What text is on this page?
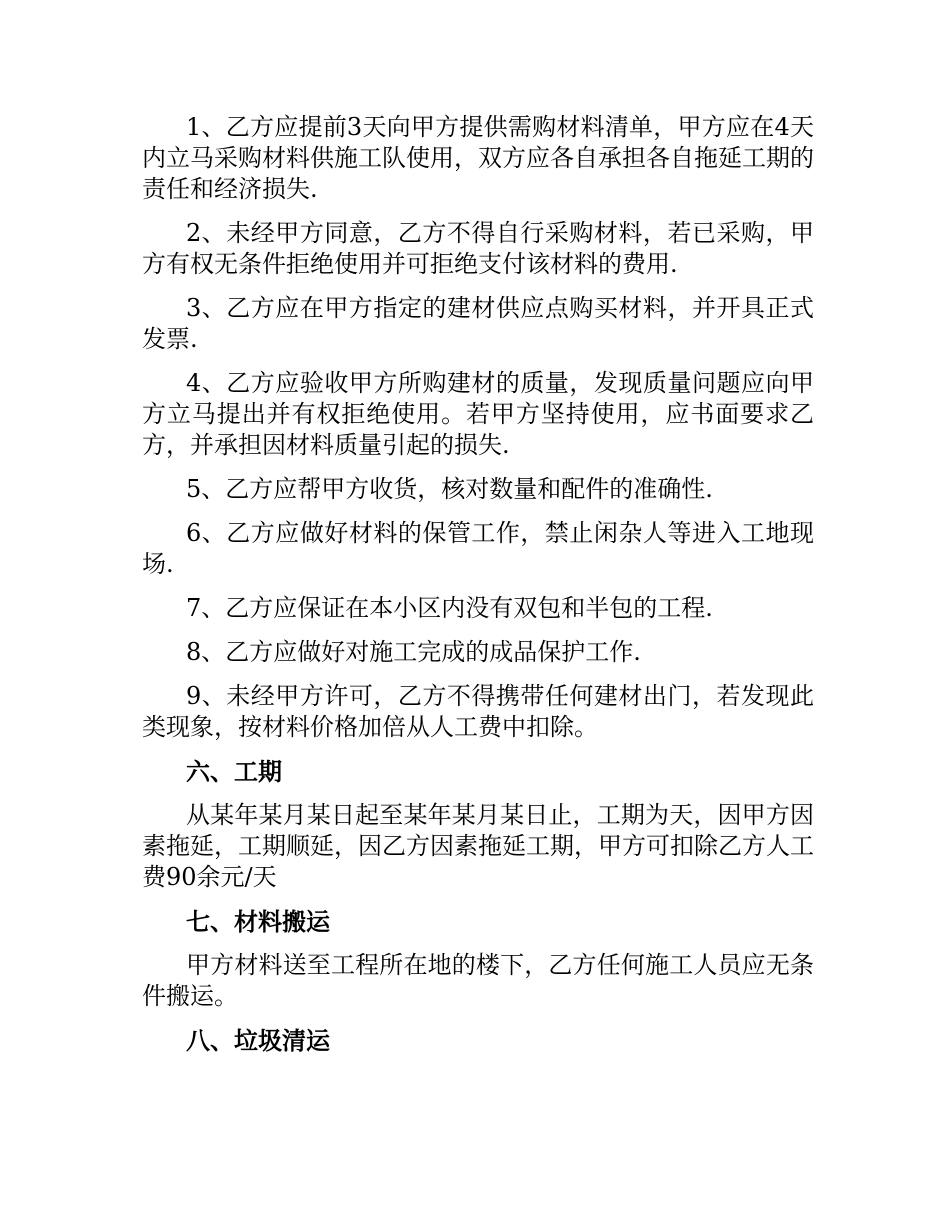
1、乙方应提前3天向甲方提供需购材料清单，甲方应在4天内立马采购材料供施工队使用，双方应各自承担各自拖延工期的责任和经济损失.

2、未经甲方同意，乙方不得自行采购材料，若已采购，甲方有权无条件拒绝使用并可拒绝支付该材料的费用.

3、乙方应在甲方指定的建材供应点购买材料，并开具正式发票.

4、乙方应验收甲方所购建材的质量，发现质量问题应向甲方立马提出并有权拒绝使用。若甲方坚持使用，应书面要求乙方，并承担因材料质量引起的损失.

5、乙方应帮甲方收货，核对数量和配件的准确性.

6、乙方应做好材料的保管工作，禁止闲杂人等进入工地现场.

7、乙方应保证在本小区内没有双包和半包的工程.

8、乙方应做好对施工完成的成品保护工作.

9、未经甲方许可，乙方不得携带任何建材出门，若发现此类现象，按材料价格加倍从人工费中扣除。

六、工期

从某年某月某日起至某年某月某日止，工期为天，因甲方因素拖延，工期顺延，因乙方因素拖延工期，甲方可扣除乙方人工费90余元/天

七、材料搬运

甲方材料送至工程所在地的楼下，乙方任何施工人员应无条件搬运。

八、垃圾清运
